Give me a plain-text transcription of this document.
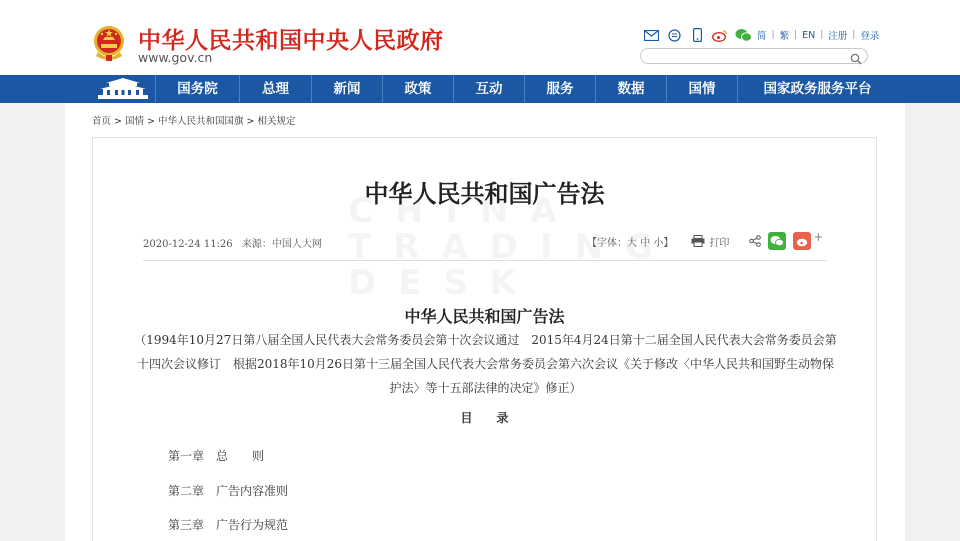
中华人民共和国中央人民政府
www.gov.cn
简 | 繁 | EN | 注册 | 登录
国务院	总理	新闻	政策	互动	服务	数据	国情	国家政务服务平台
首页 > 国情 > 中华人民共和国国旗 > 相关规定
中华人民共和国广告法
2020-12-24 11:26 来源：中国人大网	【字体：大 中 小】	打印	+
中华人民共和国广告法
（1994年10月27日第八届全国人民代表大会常务委员会第十次会议通过　2015年4月24日第十二届全国人民代表大会常务委员会第十四次会议修订　根据2018年10月26日第十三届全国人民代表大会常务委员会第六次会议《关于修改〈中华人民共和国野生动物保护法〉等十五部法律的决定》修正）
目录
第一章　总　　则
第二章　广告内容准则
第三章　广告行为规范
